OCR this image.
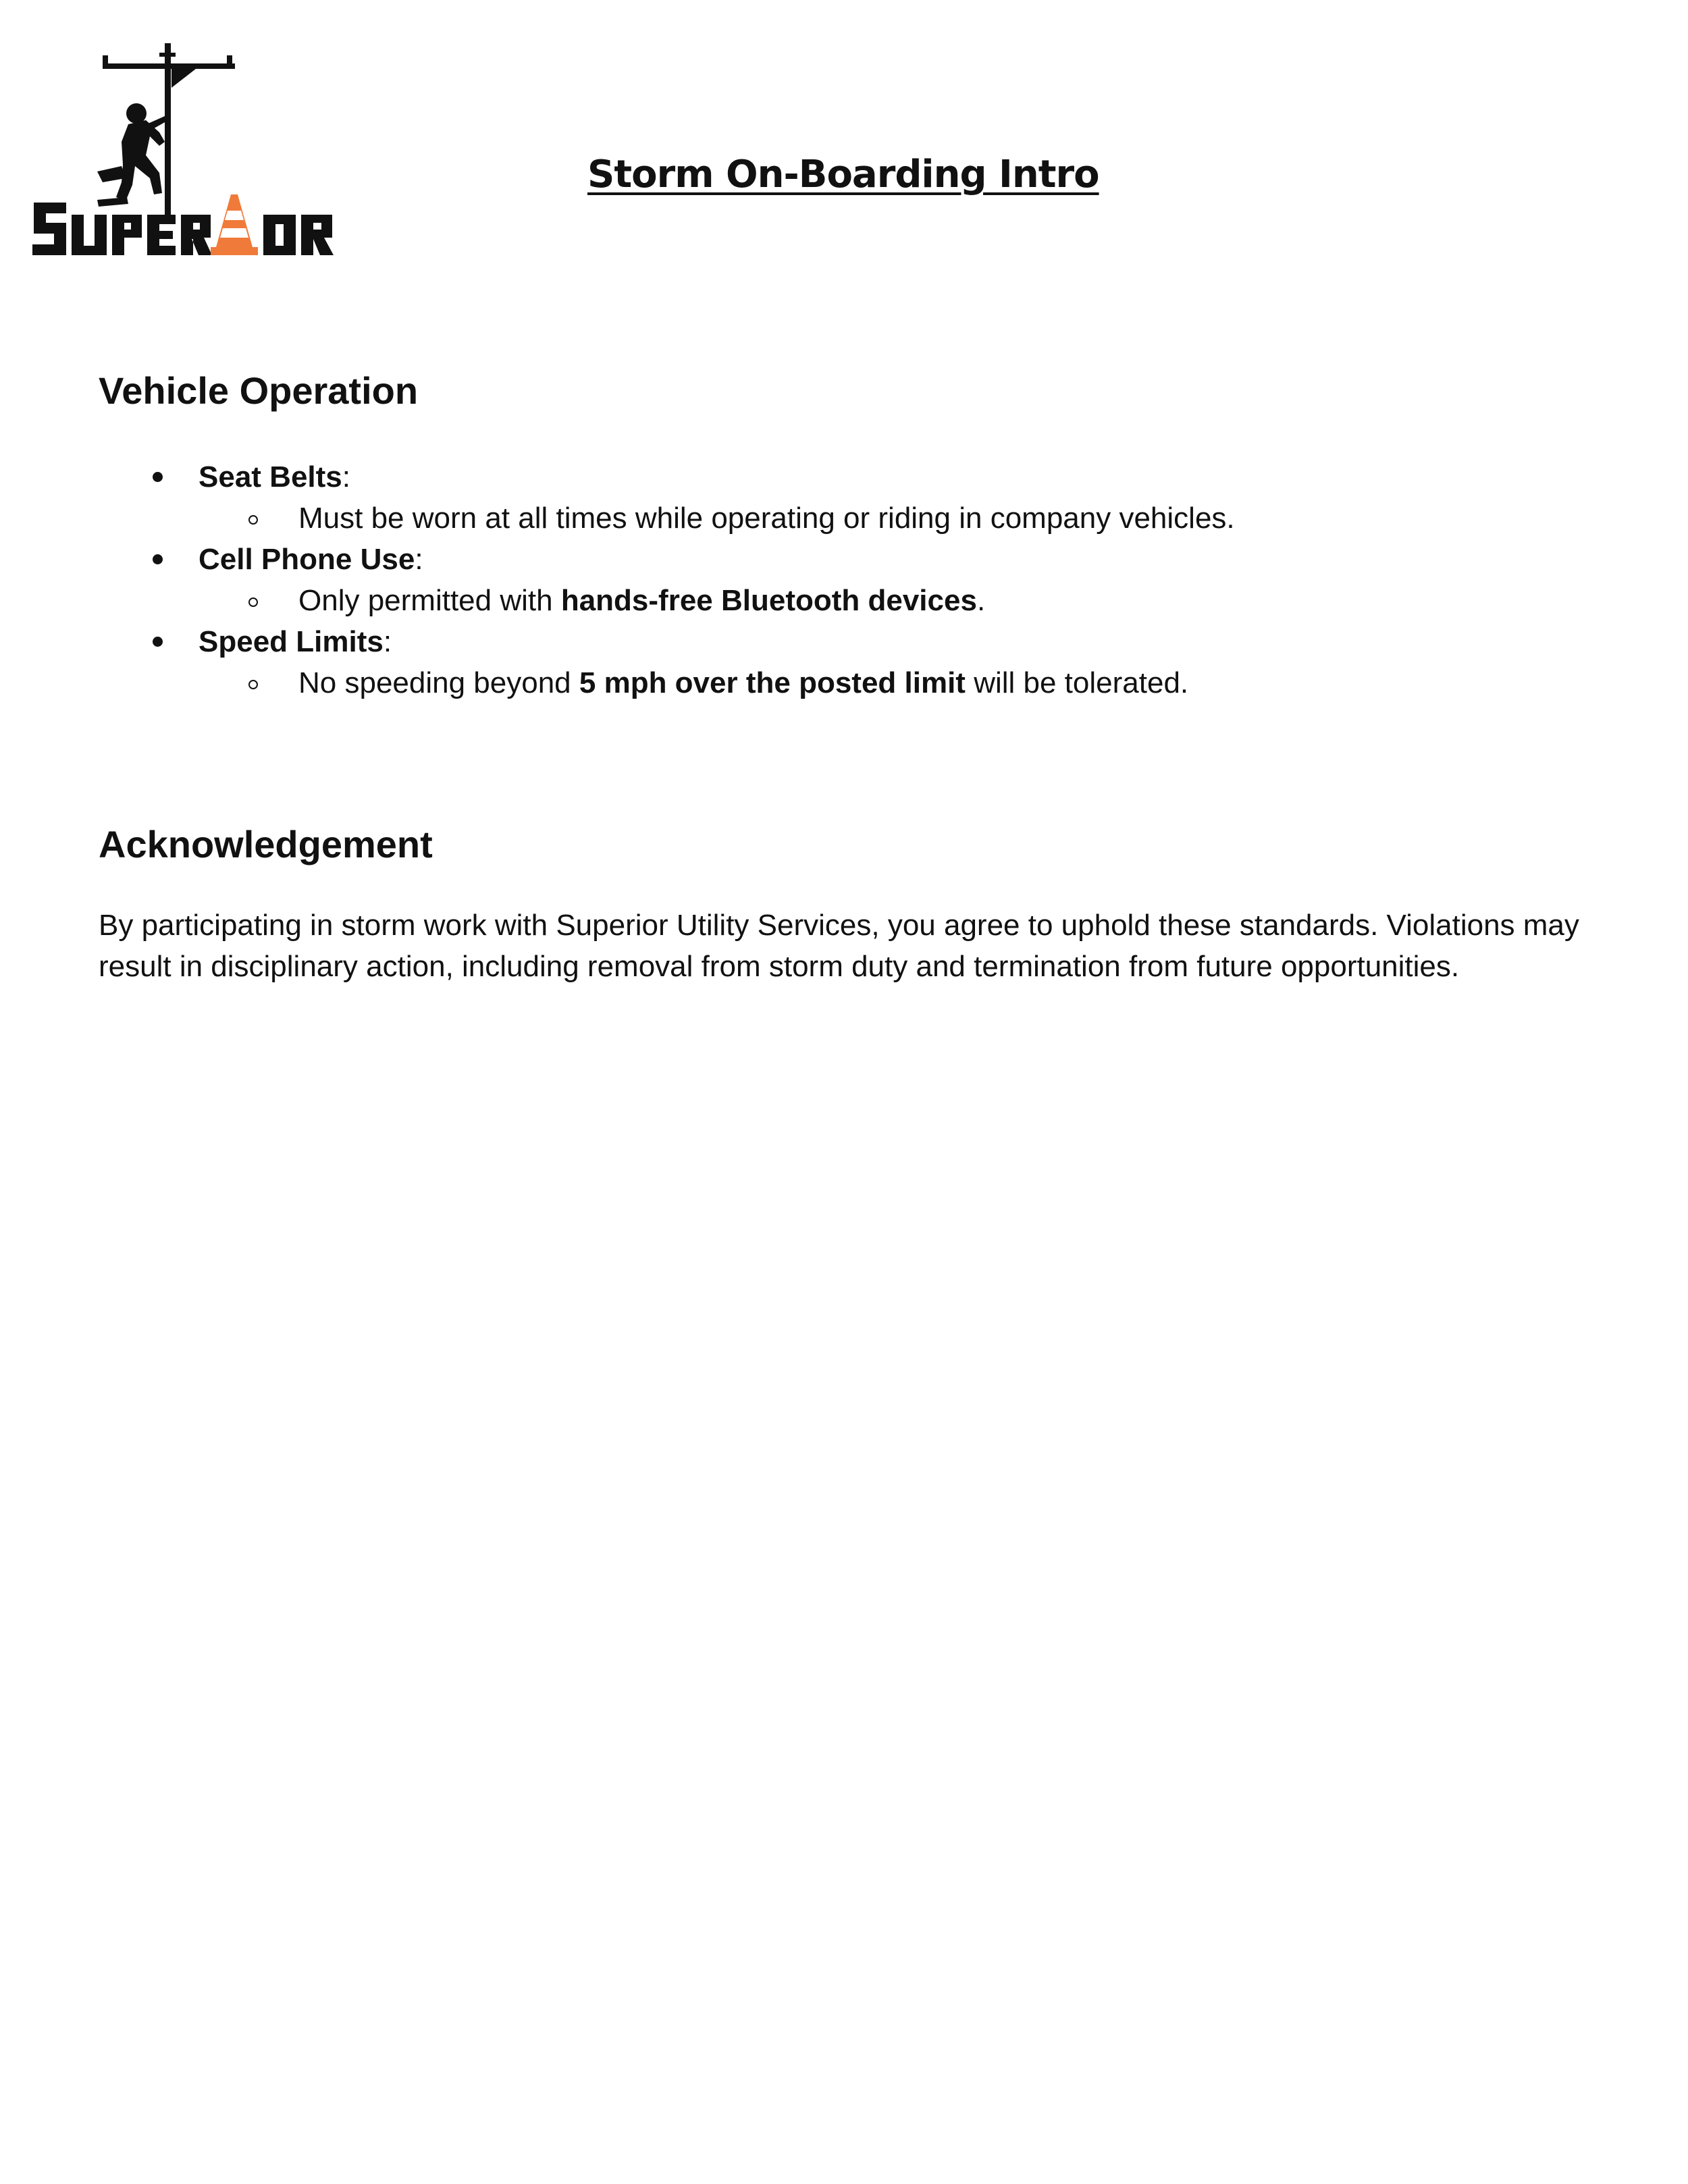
Storm On-Boarding Intro
Vehicle Operation
Seat Belts:
Must be worn at all times while operating or riding in company vehicles.
Cell Phone Use:
Only permitted with hands-free Bluetooth devices.
Speed Limits:
No speeding beyond 5 mph over the posted limit will be tolerated.
Acknowledgement

By participating in storm work with Superior Utility Services, you agree to uphold these standards. Violations may result in disciplinary action, including removal from storm duty and termination from future opportunities.
